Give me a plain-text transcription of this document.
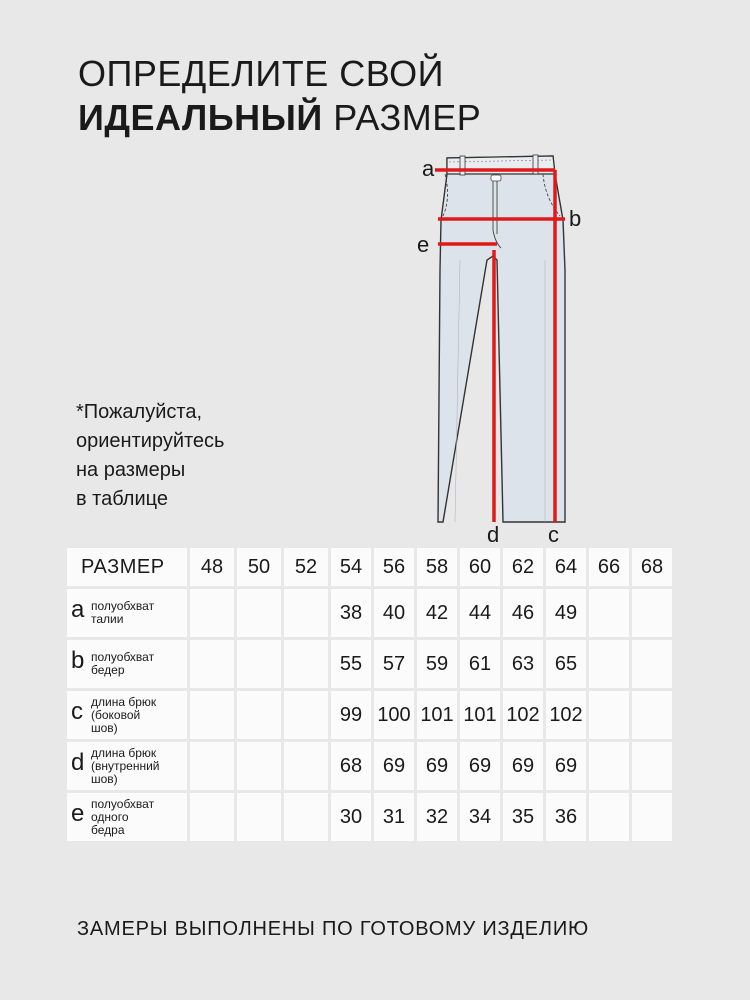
ОПРЕДЕЛИТЕ СВОЙ
ИДЕАЛЬНЫЙ РАЗМЕР
*Пожалуйста,
ориентируйтесь
на размеры
в таблице
a
b
e
d c
РАЗМЕР	48	50	52	54	56	58	60	62	64	66	68

a полуобхват
талии				38	40	42	44	46	49		

b полуобхват
бедер				55	57	59	61	63	65		

c длина брюк
(боковой
шов)				99	100	101	101	102	102		

d длина брюк
(внутренний
шов)				68	69	69	69	69	69		

e полуобхват
одного
бедра				30	31	32	34	35	36		
ЗАМЕРЫ ВЫПОЛНЕНЫ ПО ГОТОВОМУ ИЗДЕЛИЮ
